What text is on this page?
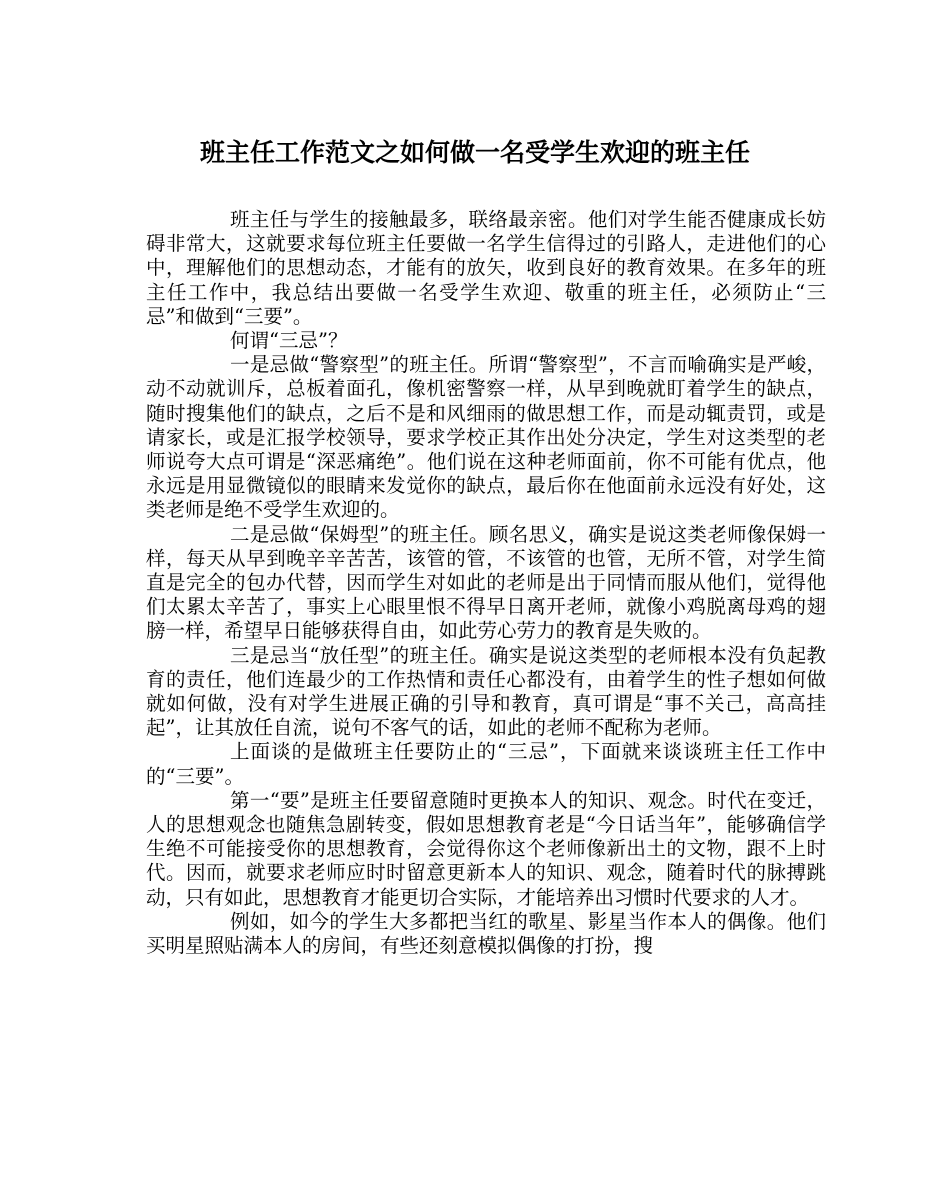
班主任工作范文之如何做一名受学生欢迎的班主任

班主任与学生的接触最多，联络最亲密。他们对学生能否健康成长妨碍非常大，这就要求每位班主任要做一名学生信得过的引路人，走进他们的心中，理解他们的思想动态，才能有的放矢，收到良好的教育效果。在多年的班主任工作中，我总结出要做一名受学生欢迎、敬重的班主任，必须防止“三忌”和做到“三要”。

何谓“三忌”？

一是忌做“警察型”的班主任。所谓“警察型”，不言而喻确实是严峻，动不动就训斥，总板着面孔，像机密警察一样，从早到晚就盯着学生的缺点，随时搜集他们的缺点，之后不是和风细雨的做思想工作，而是动辄责罚，或是请家长，或是汇报学校领导，要求学校正其作出处分决定，学生对这类型的老师说夸大点可谓是“深恶痛绝”。他们说在这种老师面前，你不可能有优点，他永远是用显微镜似的眼睛来发觉你的缺点，最后你在他面前永远没有好处，这类老师是绝不受学生欢迎的。

二是忌做“保姆型”的班主任。顾名思义，确实是说这类老师像保姆一样，每天从早到晚辛辛苦苦，该管的管，不该管的也管，无所不管，对学生简直是完全的包办代替，因而学生对如此的老师是出于同情而服从他们，觉得他们太累太辛苦了，事实上心眼里恨不得早日离开老师，就像小鸡脱离母鸡的翅膀一样，希望早日能够获得自由，如此劳心劳力的教育是失败的。

三是忌当“放任型”的班主任。确实是说这类型的老师根本没有负起教育的责任，他们连最少的工作热情和责任心都没有，由着学生的性子想如何做就如何做，没有对学生进展正确的引导和教育，真可谓是“事不关己，高高挂起”，让其放任自流，说句不客气的话，如此的老师不配称为老师。

上面谈的是做班主任要防止的“三忌”，下面就来谈谈班主任工作中的“三要”。

第一“要”是班主任要留意随时更换本人的知识、观念。时代在变迁，人的思想观念也随焦急剧转变，假如思想教育老是“今日话当年”，能够确信学生绝不可能接受你的思想教育，会觉得你这个老师像新出土的文物，跟不上时代。因而，就要求老师应时时留意更新本人的知识、观念，随着时代的脉搏跳动，只有如此，思想教育才能更切合实际，才能培养出习惯时代要求的人才。

例如，如今的学生大多都把当红的歌星、影星当作本人的偶像。他们买明星照贴满本人的房间，有些还刻意模拟偶像的打扮，搜
